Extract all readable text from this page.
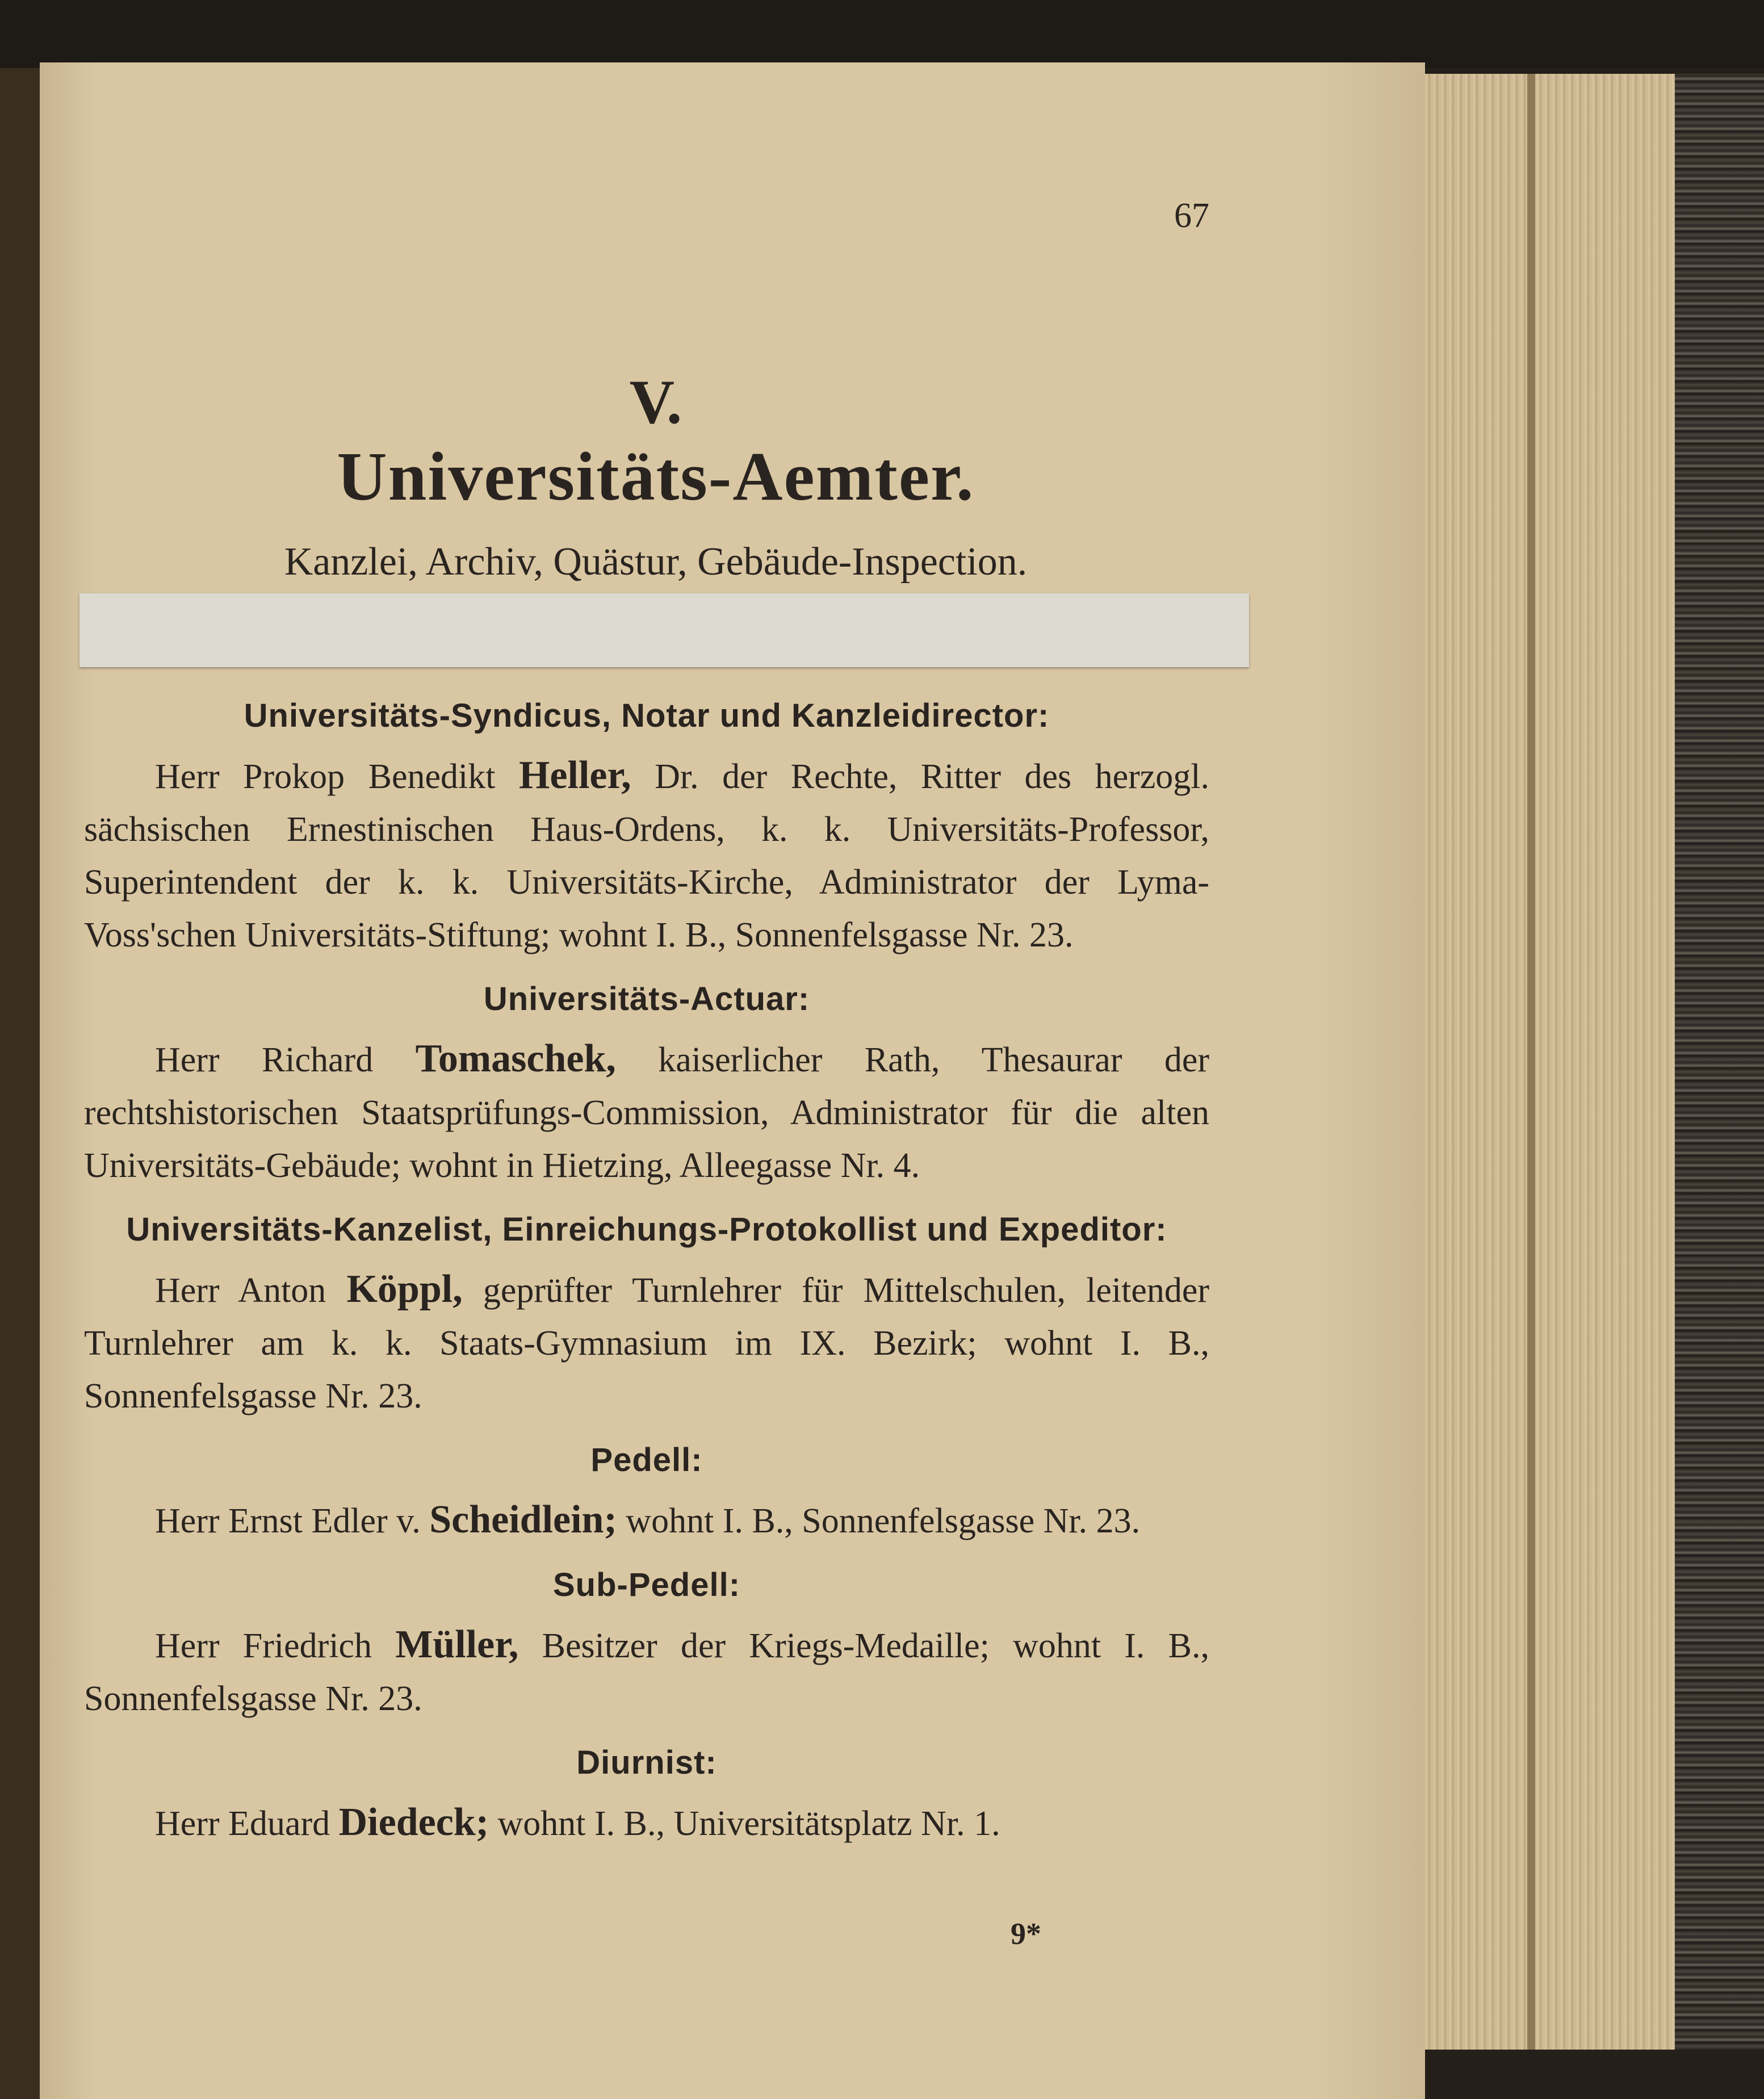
67
V.
Universitäts-Aemter.
Kanzlei, Archiv, Quästur, Gebäude-Inspection.
Universitäts-Syndicus, Notar und Kanzleidirector:
Herr Prokop Benedikt Heller, Dr. der Rechte, Ritter des herzogl. sächsischen Ernestinischen Haus-Ordens, k. k. Universitäts-Professor, Superintendent der k. k. Universitäts-Kirche, Administrator der Lyma-Voss'schen Universitäts-Stiftung; wohnt I. B., Sonnenfelsgasse Nr. 23.
Universitäts-Actuar:
Herr Richard Tomaschek, kaiserlicher Rath, Thesaurar der rechtshistorischen Staatsprüfungs-Commission, Administrator für die alten Universitäts-Gebäude; wohnt in Hietzing, Alleegasse Nr. 4.
Universitäts-Kanzelist, Einreichungs-Protokollist und Expeditor:
Herr Anton Köppl, geprüfter Turnlehrer für Mittelschulen, leitender Turnlehrer am k. k. Staats-Gymnasium im IX. Bezirk; wohnt I. B., Sonnenfelsgasse Nr. 23.
Pedell:
Herr Ernst Edler v. Scheidlein; wohnt I. B., Sonnenfelsgasse Nr. 23.
Sub-Pedell:
Herr Friedrich Müller, Besitzer der Kriegs-Medaille; wohnt I. B., Sonnenfelsgasse Nr. 23.
Diurnist:
Herr Eduard Diedeck; wohnt I. B., Universitätsplatz Nr. 1.
9*
